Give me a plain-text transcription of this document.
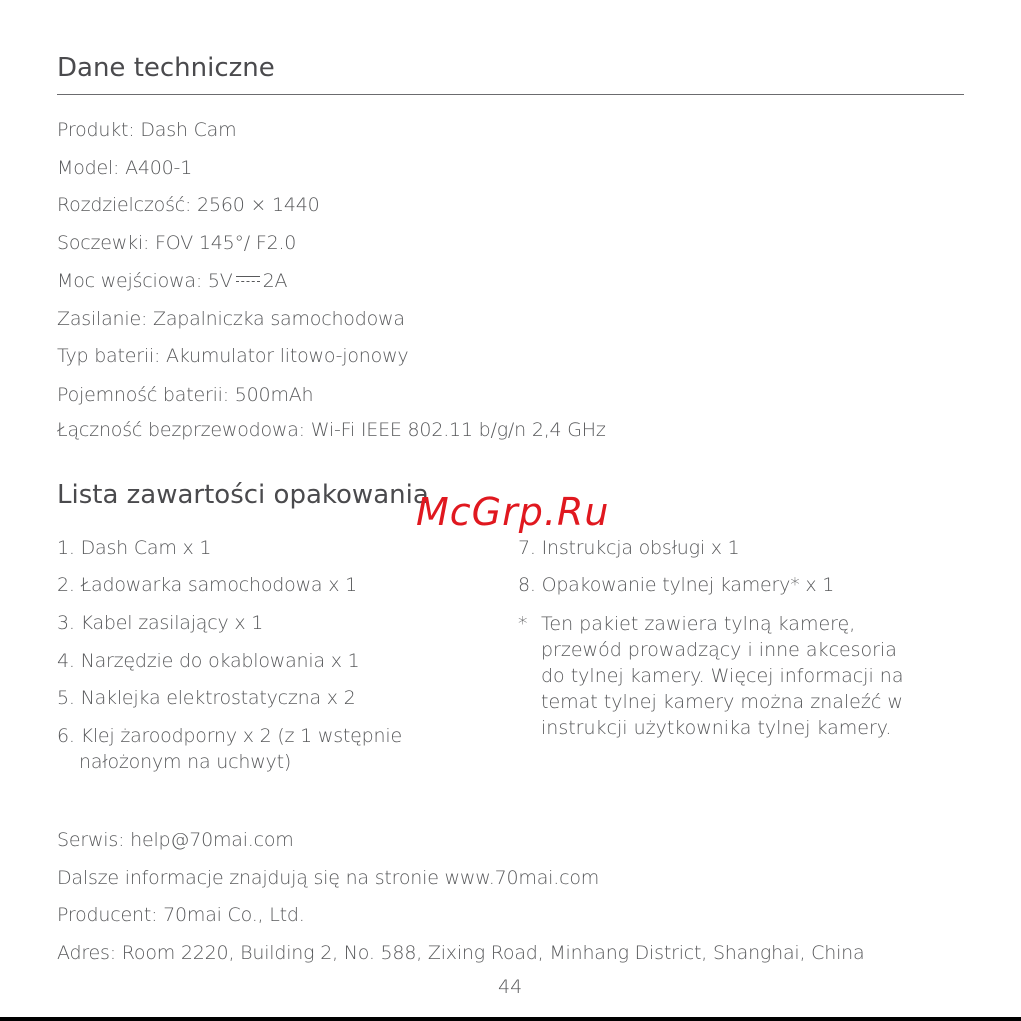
Dane techniczne
Produkt: Dash Cam
Model: A400-1
Rozdzielczość: 2560 × 1440
Soczewki: FOV 145°/ F2.0
Moc wejściowa: 5V 2A
Zasilanie: Zapalniczka samochodowa
Typ baterii: Akumulator litowo-jonowy
Pojemność baterii: 500mAh
Łączność bezprzewodowa: Wi-Fi IEEE 802.11 b/g/n 2,4 GHz
Lista zawartości opakowania
McGrp.Ru
1. Dash Cam x 1
2. Ładowarka samochodowa x 1
3. Kabel zasilający x 1
4. Narzędzie do okablowania x 1
5. Naklejka elektrostatyczna x 2
6. Klej żaroodporny x 2 (z 1 wstępnie
nałożonym na uchwyt)
7. Instrukcja obsługi x 1
8. Opakowanie tylnej kamery* x 1
* Ten pakiet zawiera tylną kamerę,
przewód prowadzący i inne akcesoria
do tylnej kamery. Więcej informacji na
temat tylnej kamery można znaleźć w
instrukcji użytkownika tylnej kamery.
Serwis: help@70mai.com
Dalsze informacje znajdują się na stronie www.70mai.com
Producent: 70mai Co., Ltd.
Adres: Room 2220, Building 2, No. 588, Zixing Road, Minhang District, Shanghai, China
44
